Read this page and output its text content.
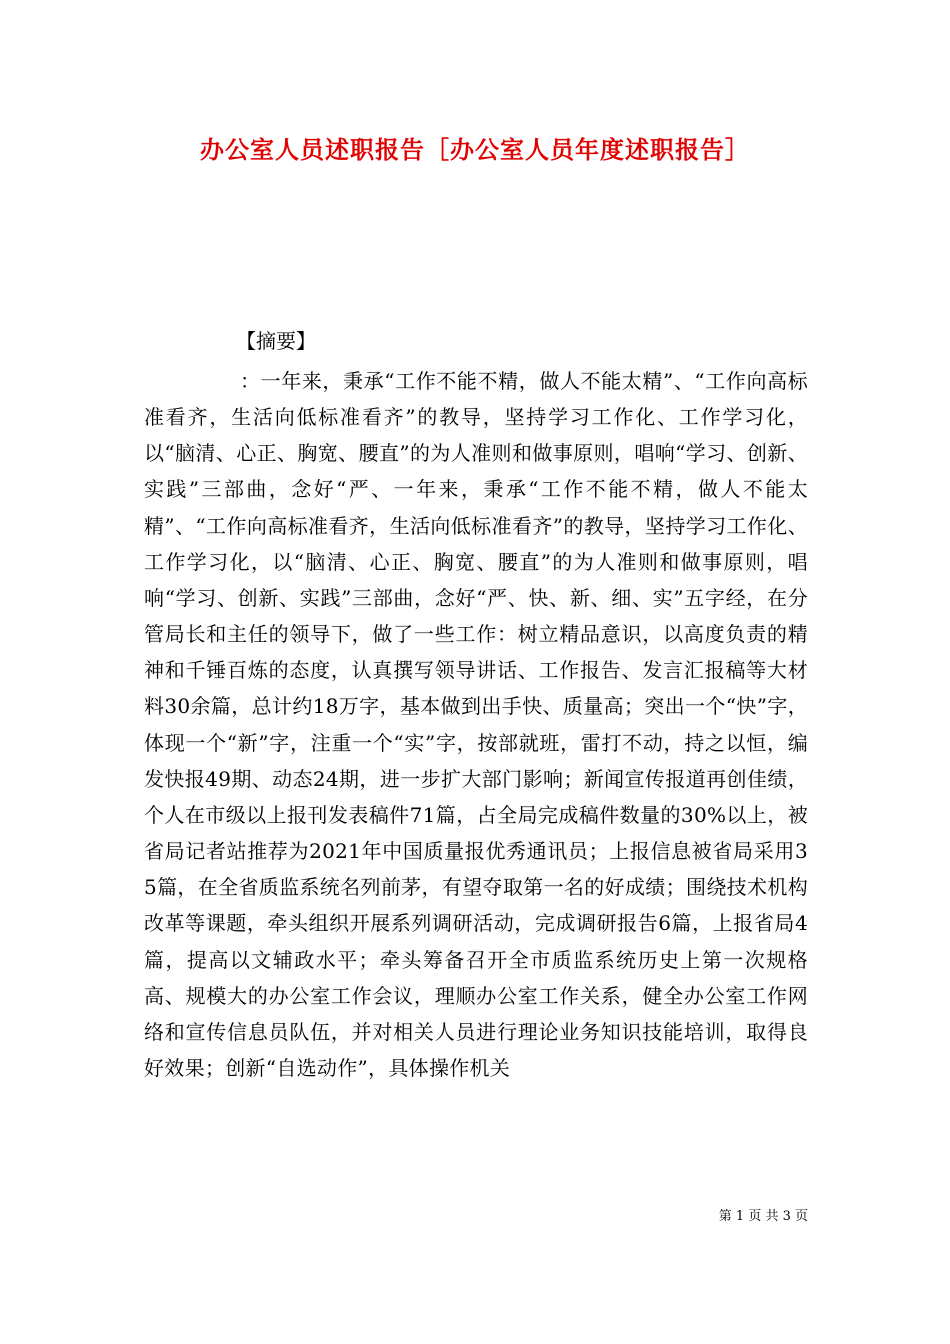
办公室人员述职报告［办公室人员年度述职报告］
【摘要】

：一年来，秉承“工作不能不精，做人不能太精”、“工作向高标准看齐，生活向低标准看齐”的教导，坚持学习工作化、工作学习化，以“脑清、心正、胸宽、腰直”的为人准则和做事原则，唱响“学习、创新、实践”三部曲，念好“严、一年来，秉承“工作不能不精，做人不能太精”、“工作向高标准看齐，生活向低标准看齐”的教导，坚持学习工作化、工作学习化，以“脑清、心正、胸宽、腰直”的为人准则和做事原则，唱响“学习、创新、实践”三部曲，念好“严、快、新、细、实”五字经，在分管局长和主任的领导下，做了一些工作：树立精品意识，以高度负责的精神和千锤百炼的态度，认真撰写领导讲话、工作报告、发言汇报稿等大材料30余篇，总计约18万字，基本做到出手快、质量高；突出一个“快”字，体现一个“新”字，注重一个“实”字，按部就班，雷打不动，持之以恒，编发快报49期、动态24期，进一步扩大部门影响；新闻宣传报道再创佳绩，个人在市级以上报刊发表稿件71篇，占全局完成稿件数量的30%以上，被省局记者站推荐为2021年中国质量报优秀通讯员；上报信息被省局采用35篇，在全省质监系统名列前茅，有望夺取第一名的好成绩；围绕技术机构改革等课题，牵头组织开展系列调研活动，完成调研报告6篇，上报省局4篇，提高以文辅政水平；牵头筹备召开全市质监系统历史上第一次规格高、规模大的办公室工作会议，理顺办公室工作关系，健全办公室工作网络和宣传信息员队伍，并对相关人员进行理论业务知识技能培训，取得良好效果；创新“自选动作”，具体操作机关

第 1 页 共 3 页
